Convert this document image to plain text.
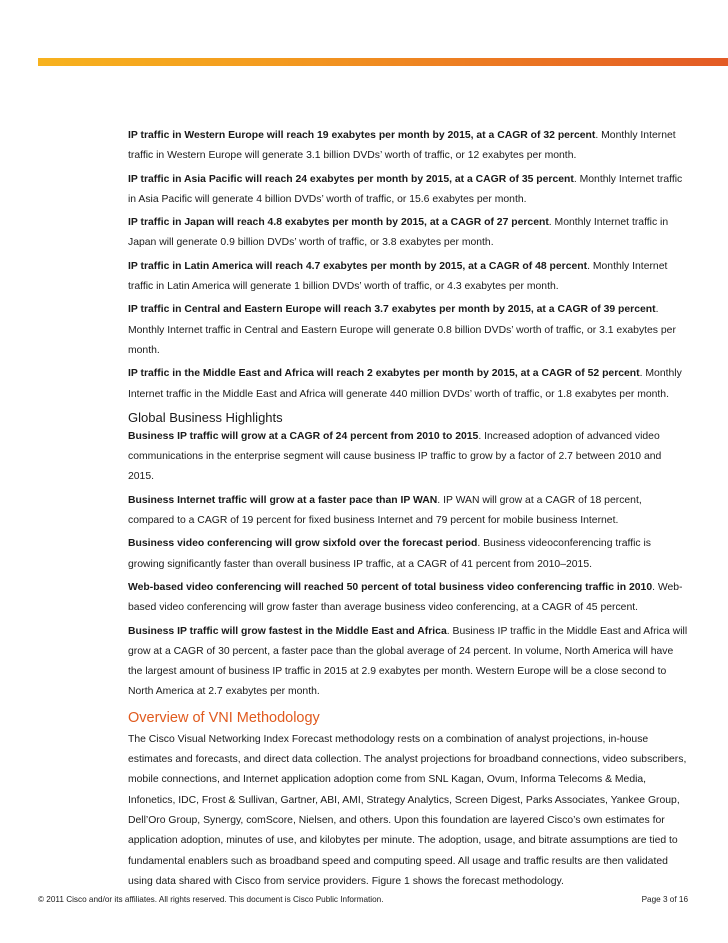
IP traffic in Western Europe will reach 19 exabytes per month by 2015, at a CAGR of 32 percent. Monthly Internet traffic in Western Europe will generate 3.1 billion DVDs’ worth of traffic, or 12 exabytes per month.

IP traffic in Asia Pacific will reach 24 exabytes per month by 2015, at a CAGR of 35 percent. Monthly Internet traffic in Asia Pacific will generate 4 billion DVDs’ worth of traffic, or 15.6 exabytes per month.

IP traffic in Japan will reach 4.8 exabytes per month by 2015, at a CAGR of 27 percent. Monthly Internet traffic in Japan will generate 0.9 billion DVDs’ worth of traffic, or 3.8 exabytes per month.

IP traffic in Latin America will reach 4.7 exabytes per month by 2015, at a CAGR of 48 percent. Monthly Internet traffic in Latin America will generate 1 billion DVDs’ worth of traffic, or 4.3 exabytes per month.

IP traffic in Central and Eastern Europe will reach 3.7 exabytes per month by 2015, at a CAGR of 39 percent. Monthly Internet traffic in Central and Eastern Europe will generate 0.8 billion DVDs’ worth of traffic, or 3.1 exabytes per month.

IP traffic in the Middle East and Africa will reach 2 exabytes per month by 2015, at a CAGR of 52 percent. Monthly Internet traffic in the Middle East and Africa will generate 440 million DVDs’ worth of traffic, or 1.8 exabytes per month.

Global Business Highlights

Business IP traffic will grow at a CAGR of 24 percent from 2010 to 2015. Increased adoption of advanced video communications in the enterprise segment will cause business IP traffic to grow by a factor of 2.7 between 2010 and 2015.

Business Internet traffic will grow at a faster pace than IP WAN. IP WAN will grow at a CAGR of 18 percent, compared to a CAGR of 19 percent for fixed business Internet and 79 percent for mobile business Internet.

Business video conferencing will grow sixfold over the forecast period. Business videoconferencing traffic is growing significantly faster than overall business IP traffic, at a CAGR of 41 percent from 2010–2015.

Web-based video conferencing will reached 50 percent of total business video conferencing traffic in 2010. Web-based video conferencing will grow faster than average business video conferencing, at a CAGR of 45 percent.

Business IP traffic will grow fastest in the Middle East and Africa. Business IP traffic in the Middle East and Africa will grow at a CAGR of 30 percent, a faster pace than the global average of 24 percent. In volume, North America will have the largest amount of business IP traffic in 2015 at 2.9 exabytes per month. Western Europe will be a close second to North America at 2.7 exabytes per month.

Overview of VNI Methodology

The Cisco Visual Networking Index Forecast methodology rests on a combination of analyst projections, in-house estimates and forecasts, and direct data collection. The analyst projections for broadband connections, video subscribers, mobile connections, and Internet application adoption come from SNL Kagan, Ovum, Informa Telecoms & Media, Infonetics, IDC, Frost & Sullivan, Gartner, ABI, AMI, Strategy Analytics, Screen Digest, Parks Associates, Yankee Group, Dell’Oro Group, Synergy, comScore, Nielsen, and others. Upon this foundation are layered Cisco’s own estimates for application adoption, minutes of use, and kilobytes per minute. The adoption, usage, and bitrate assumptions are tied to fundamental enablers such as broadband speed and computing speed. All usage and traffic results are then validated using data shared with Cisco from service providers. Figure 1 shows the forecast methodology.

© 2011 Cisco and/or its affiliates. All rights reserved. This document is Cisco Public Information.	Page 3 of 16
